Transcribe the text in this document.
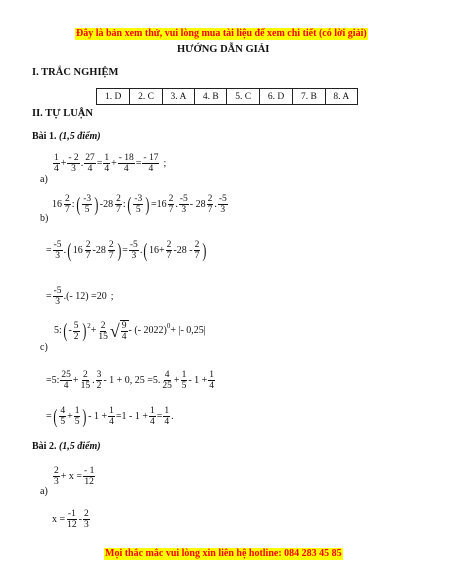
Đây là bản xem thử, vui lòng mua tài liệu để xem chi tiết (có lời giải)
HƯỚNG DẪN GIẢI
I. TRẮC NGHIỆM
1. D	2. C	3. A	4. B	5. C	6. D	7. B	8. A
II. TỰ LUẬN
Bài 1. (1,5 điểm)
a)
1
4
+ $\frac{- 2}{3}$ . $\frac{27}{4} = \frac{1}{4} + \frac{- 18}{4} = \frac{- 17}{4}$ ;
b)
16 2
7
: ( -3
5 ) - 28 2
7
: ( -3
5 ) =16 2
7
. -5
3
- 28 2
7
. -5
3
= $\frac{-5}{3}$ . ( 16 2
7
- 28 2
7 ) = $\frac{-5}{3}$ . ( $16 + \frac{2}{7} - 28 - 2$
7 )
= $\frac{-5}{3}$ .(- 12) =20 ;
c)
5: ( - 5
2 )$^2 + \frac{2}{15}$ √ $\frac{9}{4}$ - (- 2022)$^0$ + |- 0,25|
=5: 25
4
+ $\frac{2}{15}$ . 3
2
- 1 + 0, 25 =5. 4
25
+ $\frac{1}{5} - 1 + \frac{1}{4}$
= ( 4
5
+ $\frac{1}{5}$ ) - $1 + \frac{1}{4} =1 - 1 + \frac{1}{4} = \frac{1}{4}$ .
Bài 2. (1,5 điểm)
a)
2
3
+ $x = \frac{- 1}{12}$
$x = \frac{-1}{12} - 2$
3
Mọi thắc mắc vui lòng xin liên hệ hotline: 084 283 45 85
